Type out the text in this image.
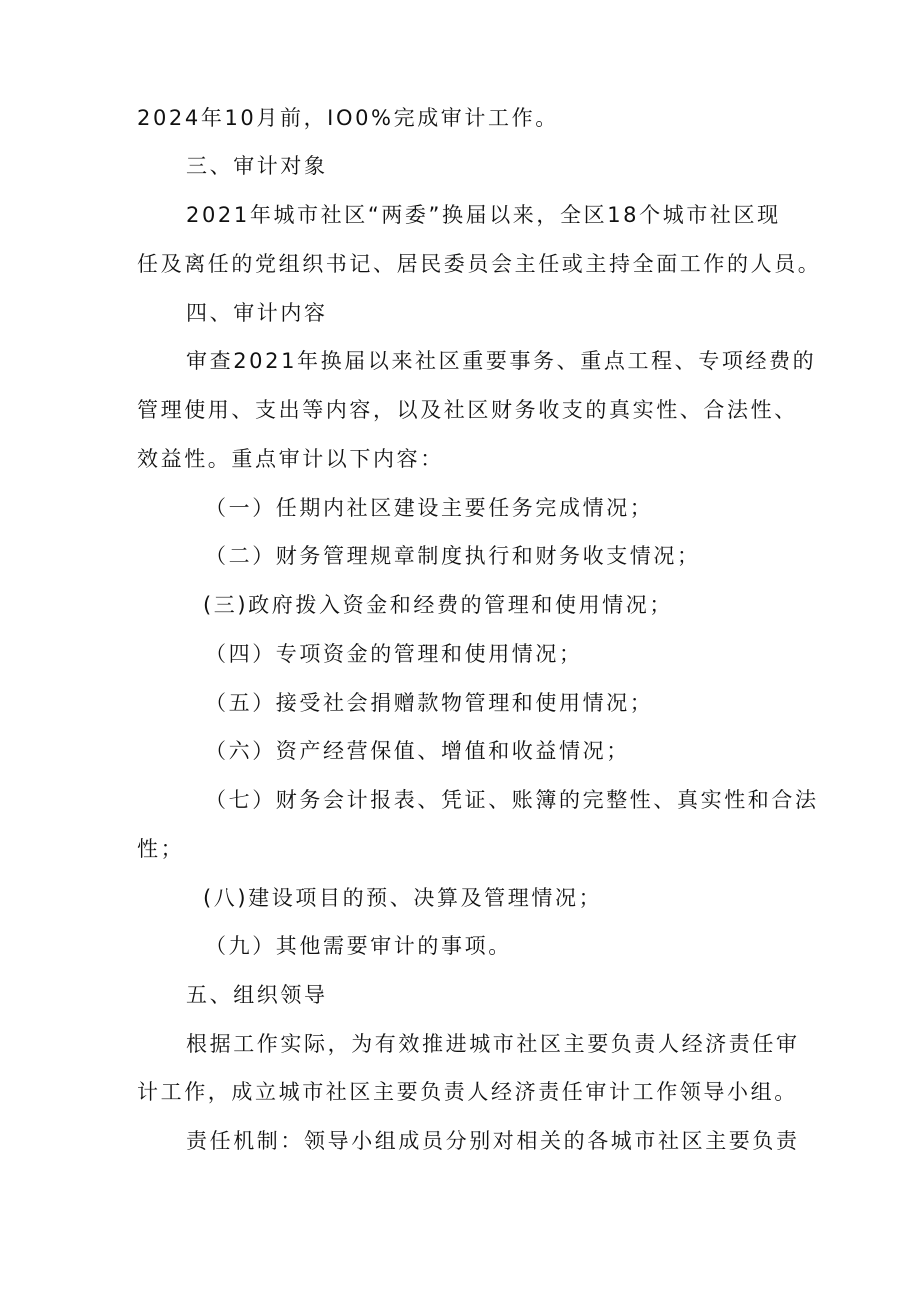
2024年10月前，IO0%完成审计工作。
三、审计对象
2021年城市社区“两委”换届以来，全区18个城市社区现
任及离任的党组织书记、居民委员会主任或主持全面工作的人员。
四、审计内容
审查2021年换届以来社区重要事务、重点工程、专项经费的
管理使用、支出等内容，以及社区财务收支的真实性、合法性、
效益性。重点审计以下内容：
（一）任期内社区建设主要任务完成情况；
（二）财务管理规章制度执行和财务收支情况；
(三)政府拨入资金和经费的管理和使用情况；
（四）专项资金的管理和使用情况；
（五）接受社会捐赠款物管理和使用情况；
（六）资产经营保值、增值和收益情况；
（七）财务会计报表、凭证、账簿的完整性、真实性和合法
性；
(八)建设项目的预、决算及管理情况；
（九）其他需要审计的事项。
五、组织领导
根据工作实际，为有效推进城市社区主要负责人经济责任审
计工作，成立城市社区主要负责人经济责任审计工作领导小组。
责任机制：领导小组成员分别对相关的各城市社区主要负责
